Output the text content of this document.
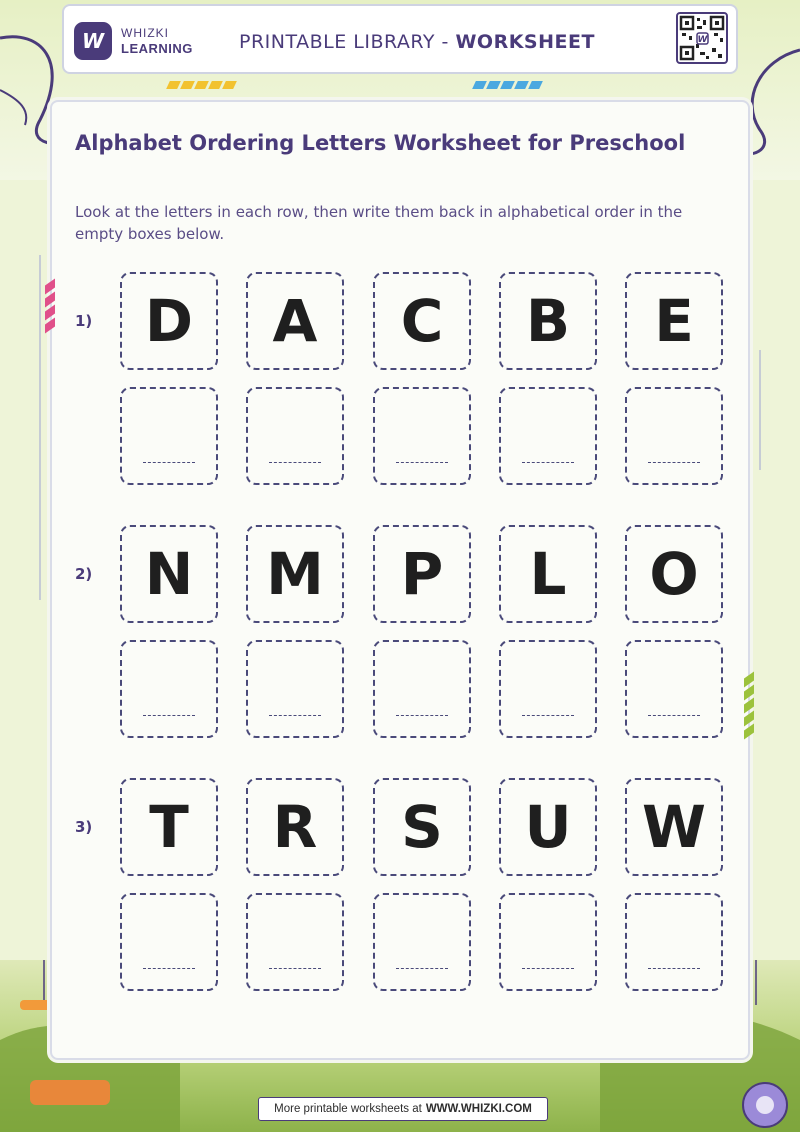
W WHIZKI
LEARNING PRINTABLE LIBRARY - WORKSHEET	W
Alphabet Ordering Letters Worksheet for Preschool
Look at the letters in each row, then write them back in alphabetical order in the empty boxes below.
1) D A C B E
2) N M P L O
3) T R S U W
More printable worksheets at WWW.WHIZKI.COM
